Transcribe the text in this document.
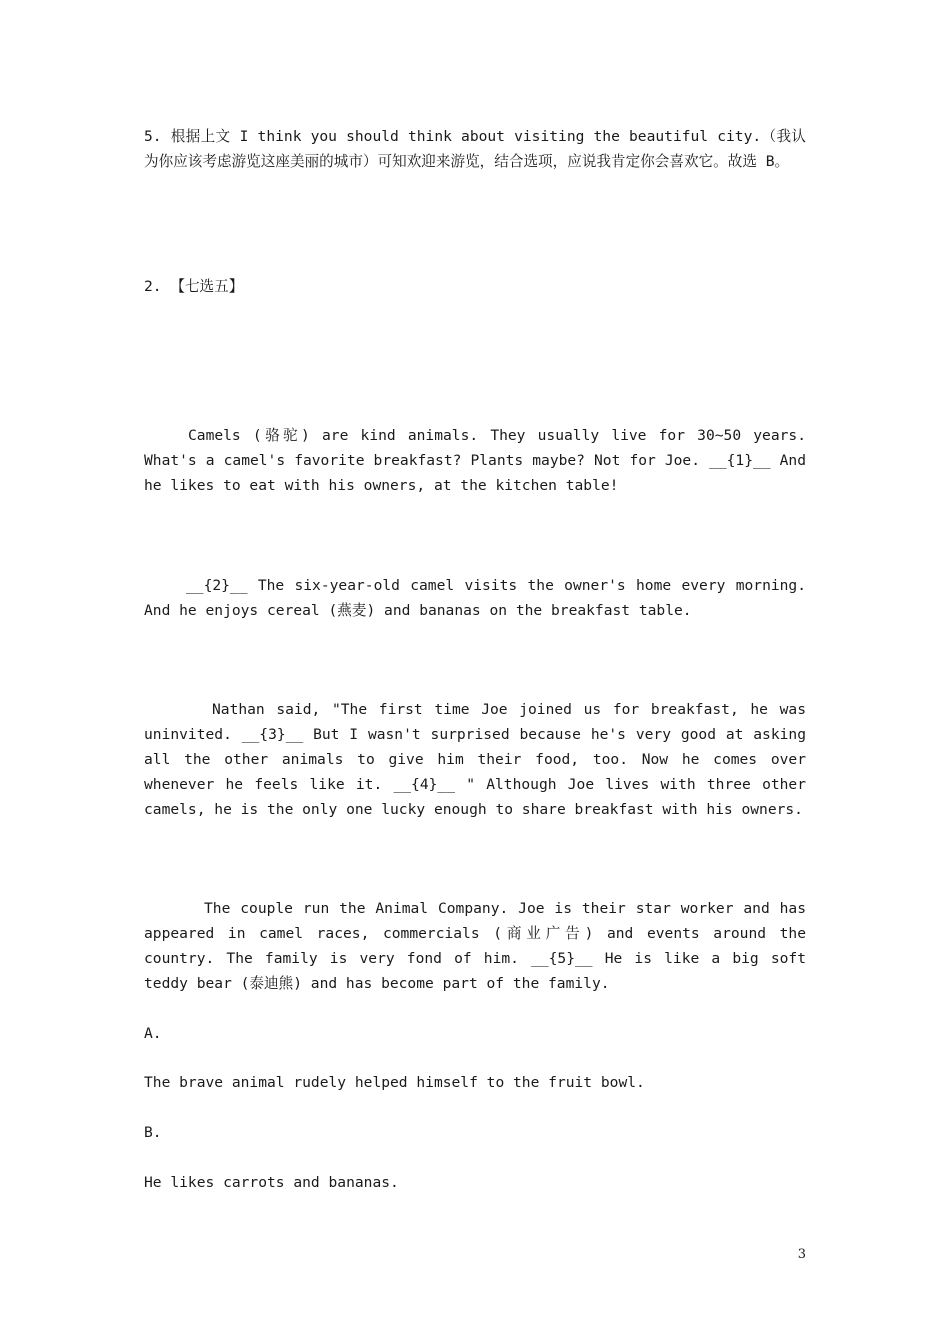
5. 根据上文 I think you should think about visiting the beautiful city.（我认为你应该考虑游览这座美丽的城市）可知欢迎来游览，结合选项，应说我肯定你会喜欢它。故选 B。

2. 【七选五】

Camels (骆驼) are kind animals. They usually live for 30~50 years. What's a camel's favorite breakfast? Plants maybe? Not for Joe. __{1}__ And he likes to eat with his owners, at the kitchen table!

__{2}__ The six-year-old camel visits the owner's home every morning. And he enjoys cereal (燕麦) and bananas on the breakfast table.

Nathan said, "The first time Joe joined us for breakfast, he was uninvited. __{3}__ But I wasn't surprised because he's very good at asking all the other animals to give him their food, too. Now he comes over whenever he feels like it. __{4}__ " Although Joe lives with three other camels, he is the only one lucky enough to share breakfast with his owners.

The couple run the Animal Company. Joe is their star worker and has appeared in camel races, commercials (商业广告) and events around the country. The family is very fond of him. __{5}__ He is like a big soft teddy bear (泰迪熊) and has become part of the family.

A.

The brave animal rudely helped himself to the fruit bowl.

B.

He likes carrots and bananas.

3
